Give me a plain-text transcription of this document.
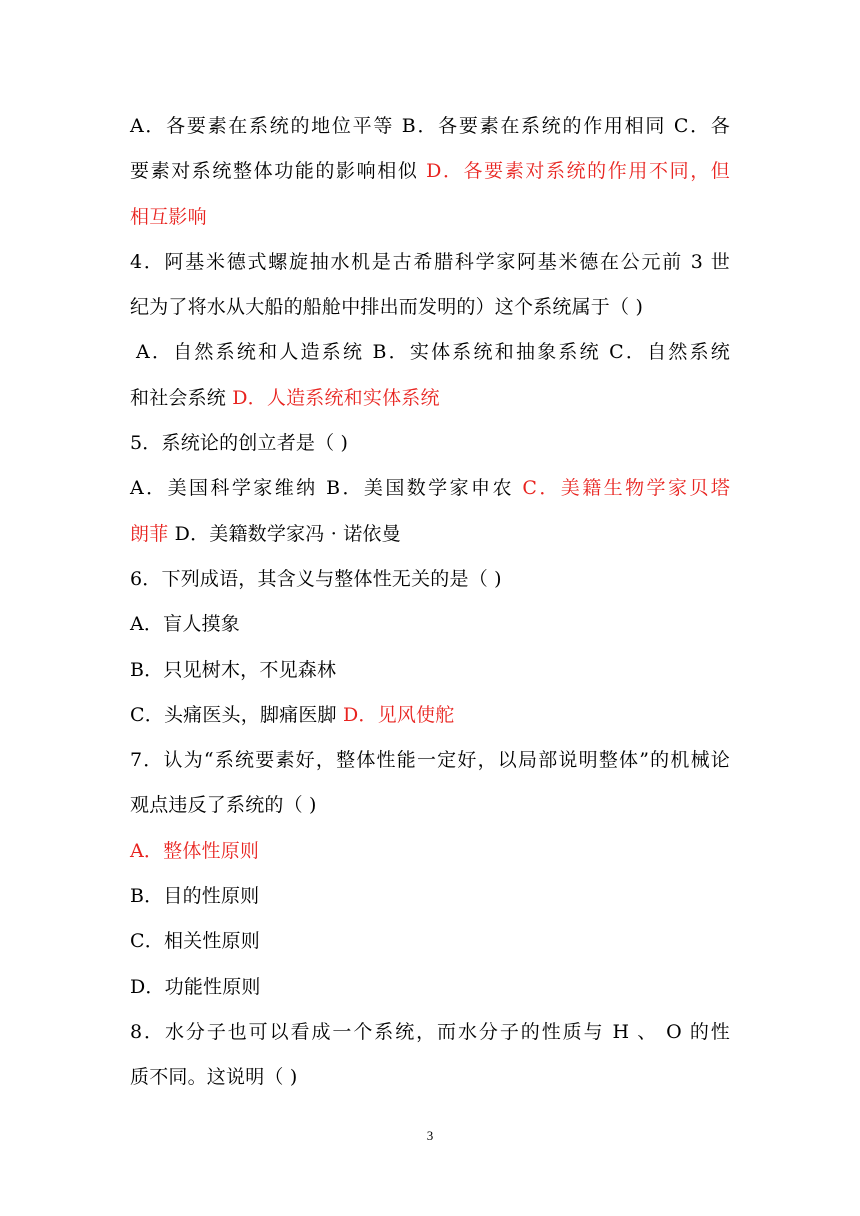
A．各要素在系统的地位平等 B．各要素在系统的作用相同 C．各
要素对系统整体功能的影响相似 D．各要素对系统的作用不同，但
相互影响
4．阿基米德式螺旋抽水机是古希腊科学家阿基米德在公元前 3 世
纪为了将水从大船的船舱中排出而发明的）这个系统属于（ )
A．自然系统和人造系统 B．实体系统和抽象系统 C．自然系统
和社会系统 D．人造系统和实体系统
5．系统论的创立者是（ )
A．美国科学家维纳 B．美国数学家申农 C．美籍生物学家贝塔
朗菲 D．美籍数学家冯 · 诺依曼
6．下列成语，其含义与整体性无关的是（ )
A．盲人摸象
B．只见树木，不见森林
C．头痛医头，脚痛医脚 D．见风使舵
7．认为“系统要素好，整体性能一定好，以局部说明整体”的机械论
观点违反了系统的（ )
A．整体性原则
B．目的性原则
C．相关性原则
D．功能性原则
8．水分子也可以看成一个系统，而水分子的性质与 H 、 O 的性
质不同。这说明（ )
3
